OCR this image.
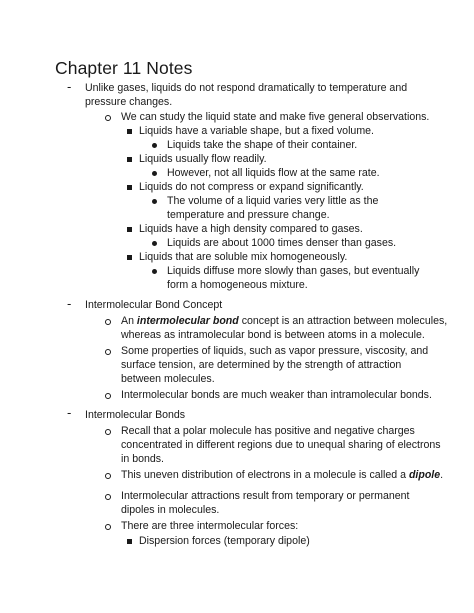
Chapter 11 Notes
- Unlike gases, liquids do not respond dramatically to temperature and
pressure changes.
We can study the liquid state and make five general observations.
Liquids have a variable shape, but a fixed volume.
Liquids take the shape of their container.
Liquids usually flow readily.
However, not all liquids flow at the same rate.
Liquids do not compress or expand significantly.
The volume of a liquid varies very little as the
temperature and pressure change.
Liquids have a high density compared to gases.
Liquids are about 1000 times denser than gases.
Liquids that are soluble mix homogeneously.
Liquids diffuse more slowly than gases, but eventually
form a homogeneous mixture.
- Intermolecular Bond Concept
An intermolecular bond concept is an attraction between molecules,
whereas as intramolecular bond is between atoms in a molecule.
Some properties of liquids, such as vapor pressure, viscosity, and
surface tension, are determined by the strength of attraction
between molecules.
Intermolecular bonds are much weaker than intramolecular bonds.
- Intermolecular Bonds
Recall that a polar molecule has positive and negative charges
concentrated in different regions due to unequal sharing of electrons
in bonds.
This uneven distribution of electrons in a molecule is called a dipole.
Intermolecular attractions result from temporary or permanent
dipoles in molecules.
There are three intermolecular forces:
Dispersion forces (temporary dipole)
